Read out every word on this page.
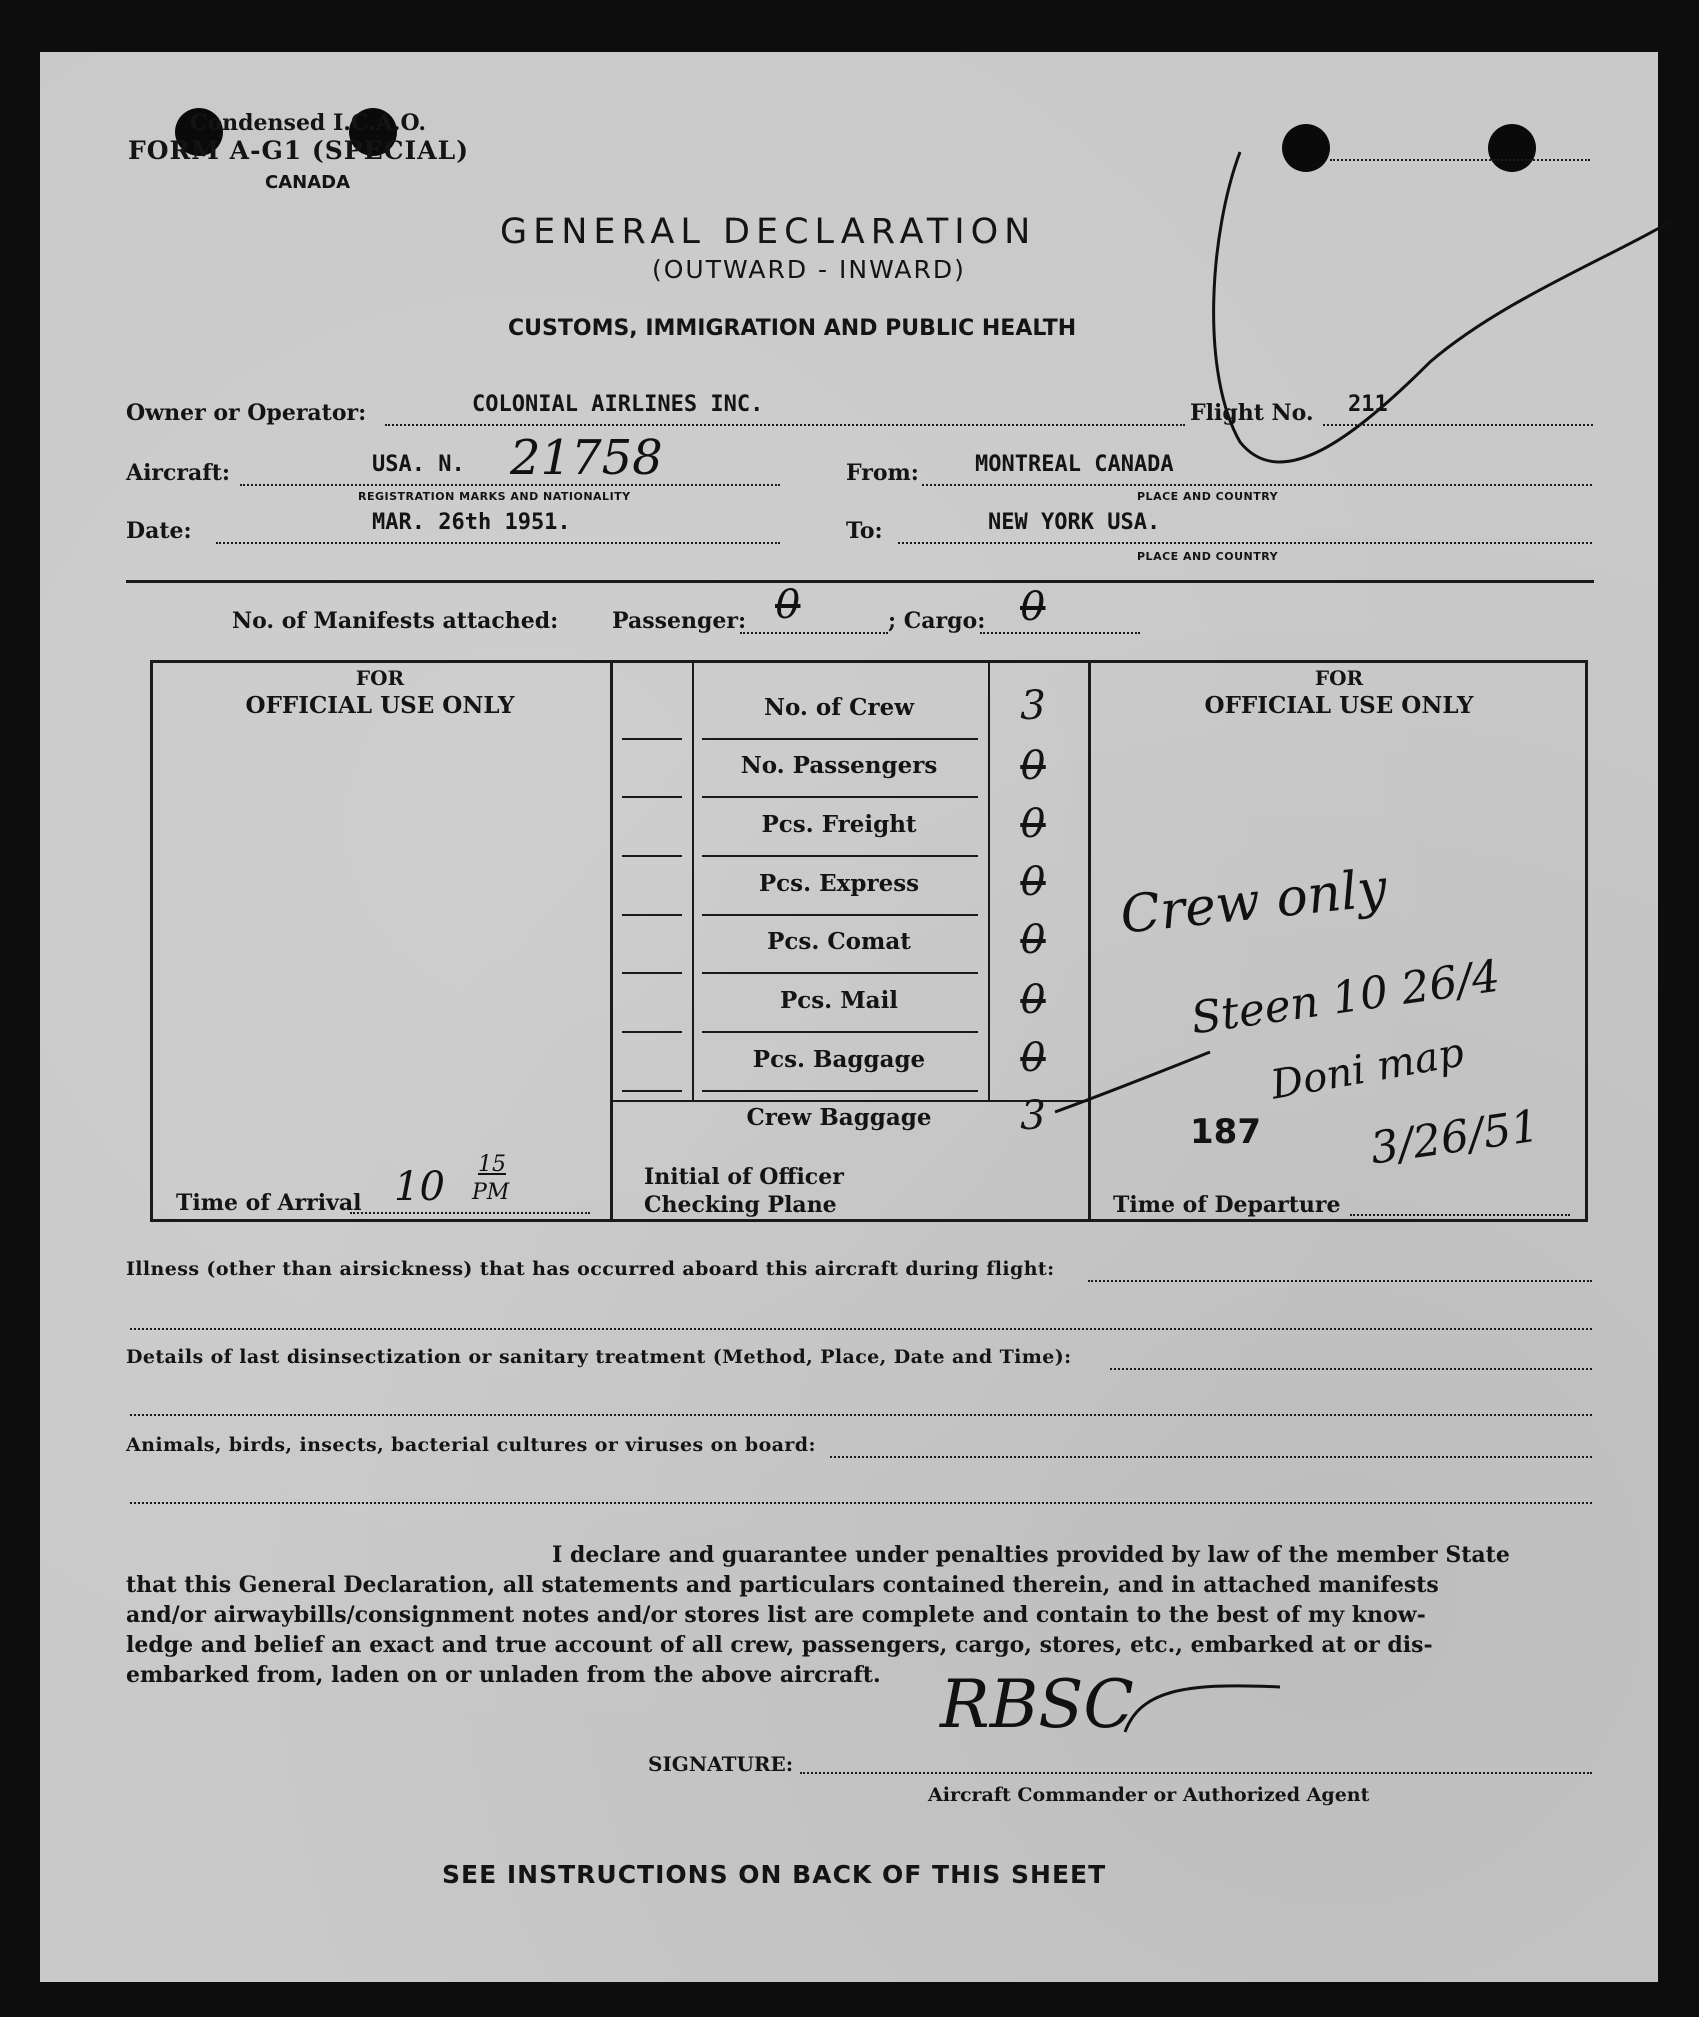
Condensed I.C.A.O.
FORM A-G1 (SPECIAL)
CANADA
GENERAL DECLARATION
(OUTWARD - INWARD)
CUSTOMS, IMMIGRATION AND PUBLIC HEALTH
Owner or Operator:	COLONIAL AIRLINES INC.	Flight No. 211
Aircraft:	USA. N. 21758
REGISTRATION MARKS AND NATIONALITY
From:	MONTREAL CANADA
PLACE AND COUNTRY
Date:	MAR. 26th 1951.	To:	NEW YORK USA.
PLACE AND COUNTRY
No. of Manifests attached: Passenger: 0	; Cargo: 0
FOR
OFFICIAL USE ONLY
FOR
OFFICIAL USE ONLY
No. of Crew	3
No. Passengers	0
Pcs. Freight	0
Pcs. Express	0
Pcs. Comat	0
Pcs. Mail	0
Pcs. Baggage	0
Crew Baggage	3
Time of Arrival 10 15
PM
Initial of Officer
Checking Plane	Time of Departure
187
Crew only
Steen 10 26/4
Doni map
3/26/51
Illness (other than airsickness) that has occurred aboard this aircraft during flight:
Details of last disinsectization or sanitary treatment (Method, Place, Date and Time):
Animals, birds, insects, bacterial cultures or viruses on board:
I declare and guarantee under penalties provided by law of the member State
that this General Declaration, all statements and particulars contained therein, and in attached manifests
and/or airwaybills/consignment notes and/or stores list are complete and contain to the best of my know-
ledge and belief an exact and true account of all crew, passengers, cargo, stores, etc., embarked at or dis-
embarked from, laden on or unladen from the above aircraft.
SIGNATURE:
RBSC
Aircraft Commander or Authorized Agent
SEE INSTRUCTIONS ON BACK OF THIS SHEET
